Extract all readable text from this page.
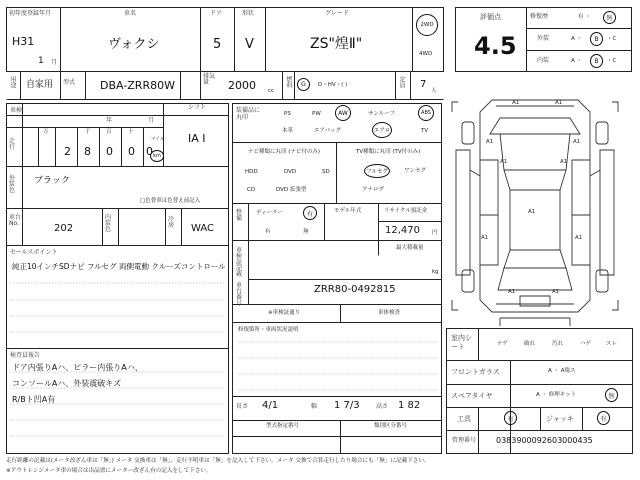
初年度登録年月
H31
1 月
車名
ヴォクシ
ドア
5
形状
V
グレード
ZS"煌Ⅱ"
2WD
4WD
用途 自家用 型式 DBA-ZRR80W
排気量	2000 cc
燃料 G D・HV・( )	定員 7
人
評価点
4.5
修復歴	有 ・	無
外装	A ・ B ・C
内装	A ・ B ・C
車検
年	月
シフト
IA I
走行
万	千	百	十
2 8 0 0 0
マイル
km
外装色
ブラック
□色替車は色替え前記入
車台No.	202
内装色
冷房	WAC
セールスポイント
純正10インチSDナビ フルセグ 両側電動 クルーズコントロール
検査員報告
ドア内張りAハ、ピラー内張りAハ、
コンソールAハ、外装震破キズ
R/Bト凹A有
装備品に丸印
PS	PW	AW	サンルーフ	ABS
本革	エアバッグ	エアロ	TV
ナビ種類に丸印 (ナビ付のみ)
HDD	DVD	SD
CD	DVD 拡張型
TV種類に丸印 (TV付のみ)
フルセグ	ワンセグ
アナログ
整備
ディーラー	有
有	無
モデル年式	リサイクル預託金
12,470 円
車検証記載
最大積載量
kg
車台番号
ZRR80-0492815
※車検証通り	車体検査
修復箇所・車両状況説明
長さ 4/1	幅 1 7/3	高さ 1 82
型式指定番号	類別区分番号
A1	A1
A1	A1
A1	A1
A1
A1	A1
A1	A1
室内シート	ナゲ	破れ	汚れ	ハゲ	スレ
フロントガラス	A ・ A傷ス
スペアタイヤ	A ・ 修理キット	無
工具	有	ジャッキ	有
管理番号 0383900092603000435
走行距離の記載は(メータ改ざん車は「無」) メータ 交換車は「無」、走行不明車は「無」を記入して下さい。メータ 交換で合算走行したり場合にも「無」に記載下さい。
※アウトレンジメータ車の場合は出品票にメーター改ざん有の記入をして下さい。
